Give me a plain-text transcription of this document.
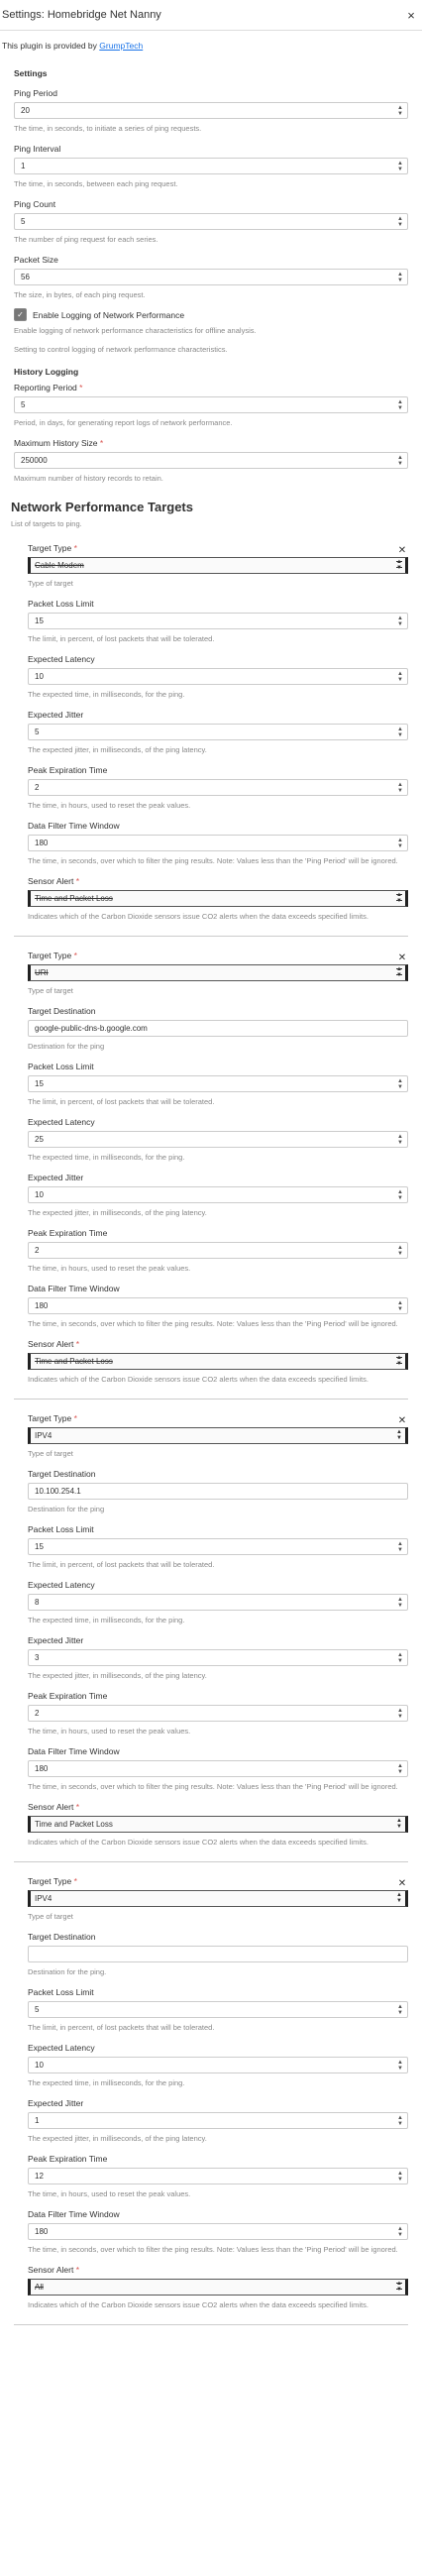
Settings: Homebridge Net Nanny	×
This plugin is provided by GrumpTech
Settings
Ping Period
20	▲
▼
The time, in seconds, to initiate a series of ping requests.
Ping Interval
1	▲
▼
The time, in seconds, between each ping request.
Ping Count
5	▲
▼
The number of ping request for each series.
Packet Size
56	▲
▼
The size, in bytes, of each ping request.
✓	Enable Logging of Network Performance
Enable logging of network performance characteristics for offline analysis.
Setting to control logging of network performance characteristics.
History Logging
Reporting Period *
5	▲
▼
Period, in days, for generating report logs of network performance.
Maximum History Size *
250000	▲
▼
Maximum number of history records to retain.
Network Performance Targets
List of targets to ping.
Target Type *	✕
Cable Modem	▲
▼
Type of target
Packet Loss Limit
15	▲
▼
The limit, in percent, of lost packets that will be tolerated.
Expected Latency
10	▲
▼
The expected time, in milliseconds, for the ping.
Expected Jitter
5	▲
▼
The expected jitter, in milliseconds, of the ping latency.
Peak Expiration Time
2	▲
▼
The time, in hours, used to reset the peak values.
Data Filter Time Window
180	▲
▼
The time, in seconds, over which to filter the ping results. Note: Values less than the 'Ping Period' will be ignored.
Sensor Alert *
Time and Packet Loss	▲
▼
Indicates which of the Carbon Dioxide sensors issue CO2 alerts when the data exceeds specified limits.
Target Type *	✕
URI	▲
▼
Type of target
Target Destination
google-public-dns-b.google.com
Destination for the ping
Packet Loss Limit
15	▲
▼
The limit, in percent, of lost packets that will be tolerated.
Expected Latency
25	▲
▼
The expected time, in milliseconds, for the ping.
Expected Jitter
10	▲
▼
The expected jitter, in milliseconds, of the ping latency.
Peak Expiration Time
2	▲
▼
The time, in hours, used to reset the peak values.
Data Filter Time Window
180	▲
▼
The time, in seconds, over which to filter the ping results. Note: Values less than the 'Ping Period' will be ignored.
Sensor Alert *
Time and Packet Loss	▲
▼
Indicates which of the Carbon Dioxide sensors issue CO2 alerts when the data exceeds specified limits.
Target Type *	✕
IPV4	▲
▼
Type of target
Target Destination
10.100.254.1
Destination for the ping
Packet Loss Limit
15	▲
▼
The limit, in percent, of lost packets that will be tolerated.
Expected Latency
8	▲
▼
The expected time, in milliseconds, for the ping.
Expected Jitter
3	▲
▼
The expected jitter, in milliseconds, of the ping latency.
Peak Expiration Time
2	▲
▼
The time, in hours, used to reset the peak values.
Data Filter Time Window
180	▲
▼
The time, in seconds, over which to filter the ping results. Note: Values less than the 'Ping Period' will be ignored.
Sensor Alert *
Time and Packet Loss	▲
▼
Indicates which of the Carbon Dioxide sensors issue CO2 alerts when the data exceeds specified limits.
Target Type *	✕
IPV4	▲
▼
Type of target
Target Destination
Destination for the ping.
Packet Loss Limit
5	▲
▼
The limit, in percent, of lost packets that will be tolerated.
Expected Latency
10	▲
▼
The expected time, in milliseconds, for the ping.
Expected Jitter
1	▲
▼
The expected jitter, in milliseconds, of the ping latency.
Peak Expiration Time
12	▲
▼
The time, in hours, used to reset the peak values.
Data Filter Time Window
180	▲
▼
The time, in seconds, over which to filter the ping results. Note: Values less than the 'Ping Period' will be ignored.
Sensor Alert *
All	▲
▼
Indicates which of the Carbon Dioxide sensors issue CO2 alerts when the data exceeds specified limits.
